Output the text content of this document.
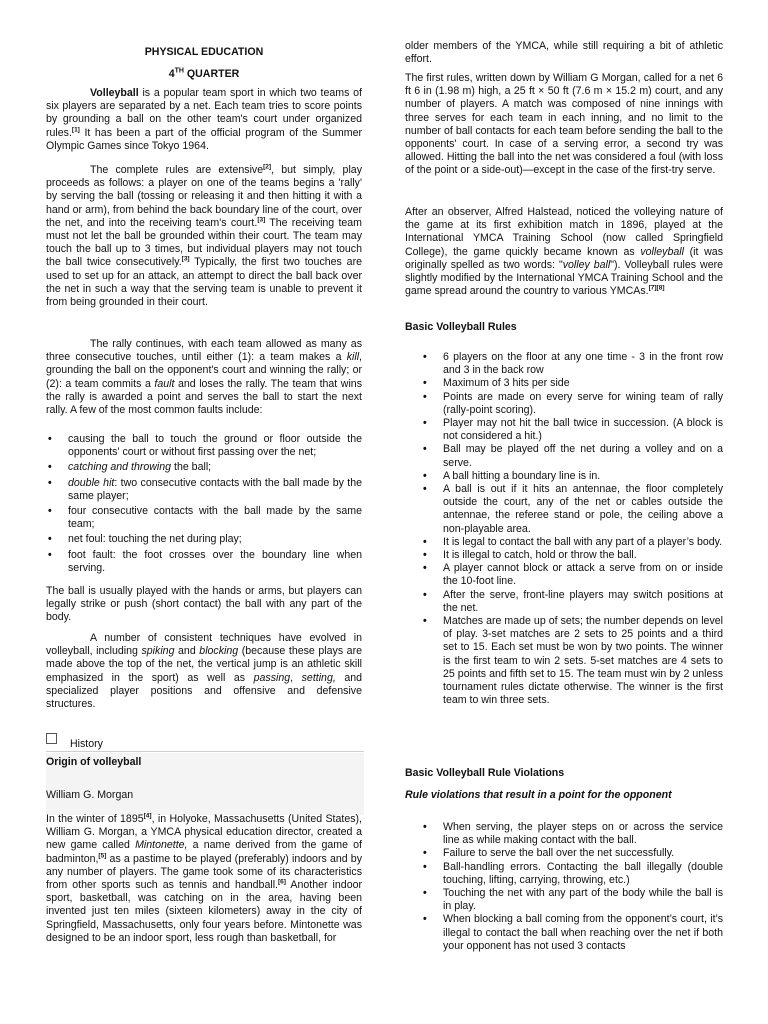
PHYSICAL EDUCATION
4TH QUARTER

Volleyball is a popular team sport in which two teams of six players are separated by a net. Each team tries to score points by grounding a ball on the other team's court under organized rules.[1] It has been a part of the official program of the Summer Olympic Games since Tokyo 1964.

The complete rules are extensive[2], but simply, play proceeds as follows: a player on one of the teams begins a 'rally' by serving the ball (tossing or releasing it and then hitting it with a hand or arm), from behind the back boundary line of the court, over the net, and into the receiving team's court.[3] The receiving team must not let the ball be grounded within their court. The team may touch the ball up to 3 times, but individual players may not touch the ball twice consecutively.[3] Typically, the first two touches are used to set up for an attack, an attempt to direct the ball back over the net in such a way that the serving team is unable to prevent it from being grounded in their court.

The rally continues, with each team allowed as many as three consecutive touches, until either (1): a team makes a kill, grounding the ball on the opponent's court and winning the rally; or (2): a team commits a fault and loses the rally. The team that wins the rally is awarded a point and serves the ball to start the next rally. A few of the most common faults include:

• causing the ball to touch the ground or floor outside the opponents' court or without first passing over the net;
• catching and throwing the ball;
• double hit: two consecutive contacts with the ball made by the same player;
• four consecutive contacts with the ball made by the same team;
• net foul: touching the net during play;
• foot fault: the foot crosses over the boundary line when serving.

The ball is usually played with the hands or arms, but players can legally strike or push (short contact) the ball with any part of the body.

A number of consistent techniques have evolved in volleyball, including spiking and blocking (because these plays are made above the top of the net, the vertical jump is an athletic skill emphasized in the sport) as well as passing, setting, and specialized player positions and offensive and defensive structures.

History

Origin of volleyball

William G. Morgan

In the winter of 1895[4], in Holyoke, Massachusetts (United States), William G. Morgan, a YMCA physical education director, created a new game called Mintonette, a name derived from the game of badminton,[5] as a pastime to be played (preferably) indoors and by any number of players. The game took some of its characteristics from other sports such as tennis and handball.[6] Another indoor sport, basketball, was catching on in the area, having been invented just ten miles (sixteen kilometers) away in the city of Springfield, Massachusetts, only four years before. Mintonette was designed to be an indoor sport, less rough than basketball, for

older members of the YMCA, while still requiring a bit of athletic effort.

The first rules, written down by William G Morgan, called for a net 6 ft 6 in (1.98 m) high, a 25 ft × 50 ft (7.6 m × 15.2 m) court, and any number of players. A match was composed of nine innings with three serves for each team in each inning, and no limit to the number of ball contacts for each team before sending the ball to the opponents' court. In case of a serving error, a second try was allowed. Hitting the ball into the net was considered a foul (with loss of the point or a side-out)—except in the case of the first-try serve.

After an observer, Alfred Halstead, noticed the volleying nature of the game at its first exhibition match in 1896, played at the International YMCA Training School (now called Springfield College), the game quickly became known as volleyball (it was originally spelled as two words: "volley ball"). Volleyball rules were slightly modified by the International YMCA Training School and the game spread around the country to various YMCAs.[7][8]

Basic Volleyball Rules

• 6 players on the floor at any one time - 3 in the front row and 3 in the back row
• Maximum of 3 hits per side
• Points are made on every serve for wining team of rally (rally-point scoring).
• Player may not hit the ball twice in succession. (A block is not considered a hit.)
• Ball may be played off the net during a volley and on a serve.
• A ball hitting a boundary line is in.
• A ball is out if it hits an antennae, the floor completely outside the court, any of the net or cables outside the antennae, the referee stand or pole, the ceiling above a non-playable area.
• It is legal to contact the ball with any part of a player’s body.
• It is illegal to catch, hold or throw the ball.
• A player cannot block or attack a serve from on or inside the 10-foot line.
• After the serve, front-line players may switch positions at the net.
• Matches are made up of sets; the number depends on level of play. 3-set matches are 2 sets to 25 points and a third set to 15. Each set must be won by two points. The winner is the first team to win 2 sets. 5-set matches are 4 sets to 25 points and fifth set to 15. The team must win by 2 unless tournament rules dictate otherwise. The winner is the first team to win three sets.

Basic Volleyball Rule Violations

Rule violations that result in a point for the opponent

• When serving, the player steps on or across the service line as while making contact with the ball.
• Failure to serve the ball over the net successfully.
• Ball-handling errors. Contacting the ball illegally (double touching, lifting, carrying, throwing, etc.)
• Touching the net with any part of the body while the ball is in play.
• When blocking a ball coming from the opponent’s court, it’s illegal to contact the ball when reaching over the net if both your opponent has not used 3 contacts
